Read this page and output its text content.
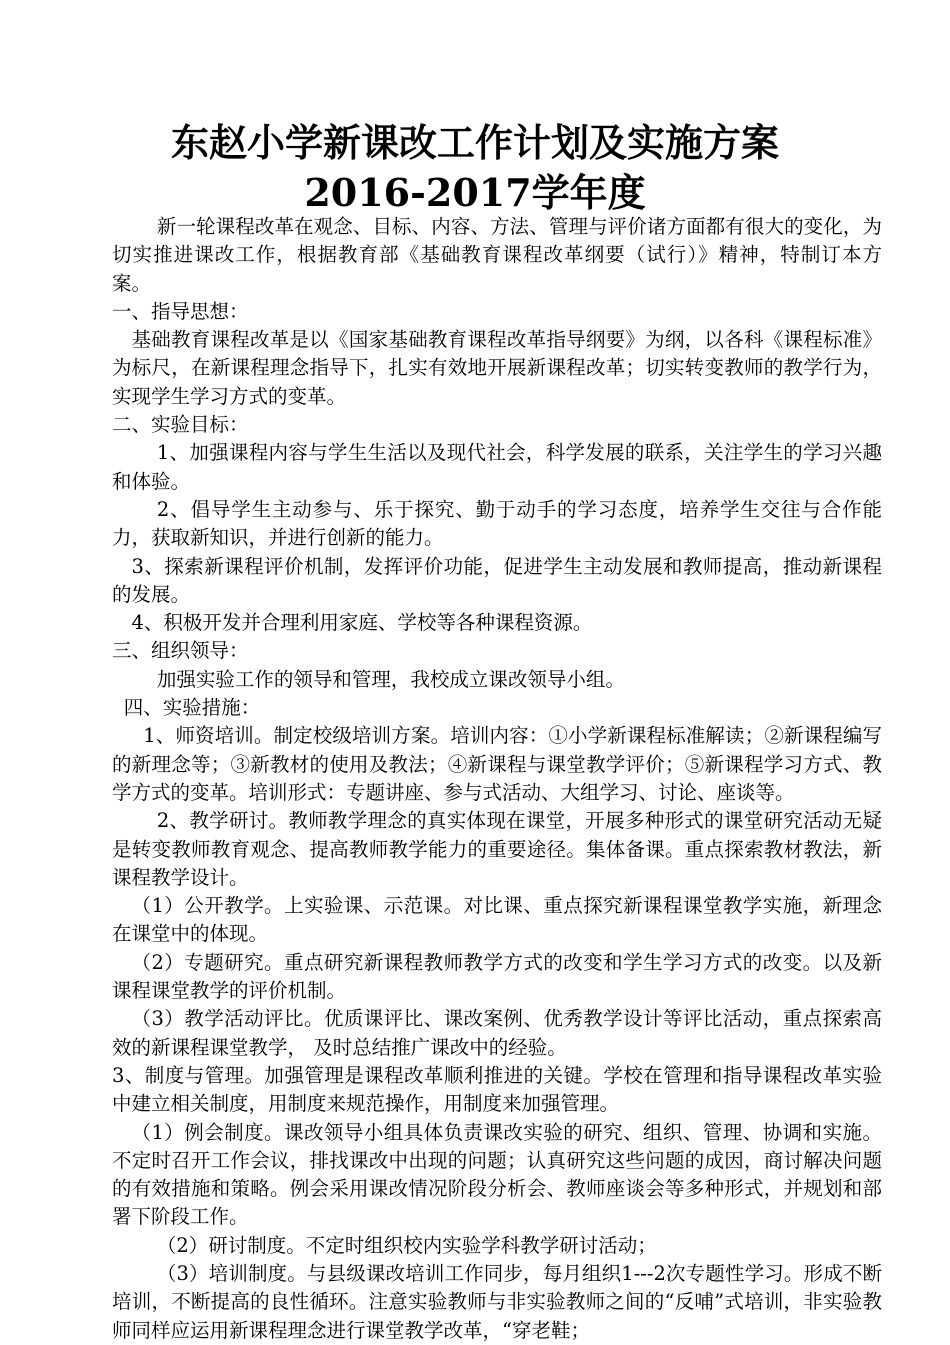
东赵小学新课改工作计划及实施方案
2016-2017学年度

新一轮课程改革在观念、目标、内容、方法、管理与评价诸方面都有很大的变化，为切实推进课改工作，根据教育部《基础教育课程改革纲要（试行）》精神，特制订本方案。

一、指导思想：

基础教育课程改革是以《国家基础教育课程改革指导纲要》为纲，以各科《课程标准》为标尺，在新课程理念指导下，扎实有效地开展新课程改革；切实转变教师的教学行为，实现学生学习方式的变革。

二、实验目标：

1、加强课程内容与学生生活以及现代社会，科学发展的联系，关注学生的学习兴趣和体验。

2、倡导学生主动参与、乐于探究、勤于动手的学习态度，培养学生交往与合作能力，获取新知识，并进行创新的能力。

3、探索新课程评价机制，发挥评价功能，促进学生主动发展和教师提高，推动新课程的发展。

4、积极开发并合理利用家庭、学校等各种课程资源。

三、组织领导：

加强实验工作的领导和管理，我校成立课改领导小组。

四、实验措施：

1、师资培训。制定校级培训方案。培训内容：①小学新课程标准解读；②新课程编写的新理念等；③新教材的使用及教法；④新课程与课堂教学评价；⑤新课程学习方式、教学方式的变革。培训形式：专题讲座、参与式活动、大组学习、讨论、座谈等。

2、教学研讨。教师教学理念的真实体现在课堂，开展多种形式的课堂研究活动无疑是转变教师教育观念、提高教师教学能力的重要途径。集体备课。重点探索教材教法，新课程教学设计。

（1）公开教学。上实验课、示范课。对比课、重点探究新课程课堂教学实施，新理念在课堂中的体现。

（2）专题研究。重点研究新课程教师教学方式的改变和学生学习方式的改变。以及新课程课堂教学的评价机制。

（3）教学活动评比。优质课评比、课改案例、优秀教学设计等评比活动，重点探索高效的新课程课堂教学， 及时总结推广课改中的经验。

3、制度与管理。加强管理是课程改革顺利推进的关键。学校在管理和指导课程改革实验中建立相关制度，用制度来规范操作，用制度来加强管理。

（1）例会制度。课改领导小组具体负责课改实验的研究、组织、管理、协调和实施。不定时召开工作会议，排找课改中出现的问题；认真研究这些问题的成因，商讨解决问题的有效措施和策略。例会采用课改情况阶段分析会、教师座谈会等多种形式，并规划和部署下阶段工作。

（2）研讨制度。不定时组织校内实验学科教学研讨活动；

（3）培训制度。与县级课改培训工作同步，每月组织1---2次专题性学习。形成不断培训，不断提高的良性循环。注意实验教师与非实验教师之间的“反哺”式培训，非实验教师同样应运用新课程理念进行课堂教学改革，“穿老鞋；
